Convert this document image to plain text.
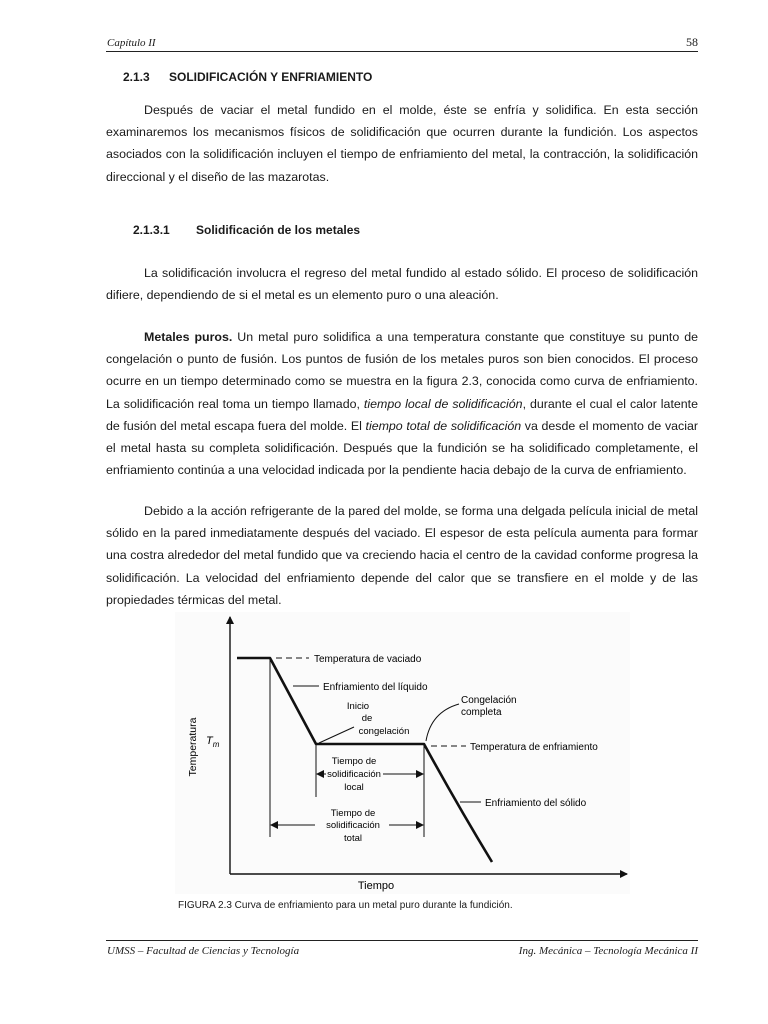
Capítulo II	58
2.1.3 SOLIDIFICACIÓN Y ENFRIAMIENTO

Después de vaciar el metal fundido en el molde, éste se enfría y solidifica. En esta sección examinaremos los mecanismos físicos de solidificación que ocurren durante la fundición. Los aspectos asociados con la solidificación incluyen el tiempo de enfriamiento del metal, la contracción, la solidificación direccional y el diseño de las mazarotas.

2.1.3.1 Solidificación de los metales

La solidificación involucra el regreso del metal fundido al estado sólido. El proceso de solidificación difiere, dependiendo de si el metal es un elemento puro o una aleación.

Metales puros. Un metal puro solidifica a una temperatura constante que constituye su punto de congelación o punto de fusión. Los puntos de fusión de los metales puros son bien conocidos. El proceso ocurre en un tiempo determinado como se muestra en la figura 2.3, conocida como curva de enfriamiento. La solidificación real toma un tiempo llamado, tiempo local de solidificación, durante el cual el calor latente de fusión del metal escapa fuera del molde. El tiempo total de solidificación va desde el momento de vaciar el metal hasta su completa solidificación. Después que la fundición se ha solidificado completamente, el enfriamiento continúa a una velocidad indicada por la pendiente hacia debajo de la curva de enfriamiento.

Debido a la acción refrigerante de la pared del molde, se forma una delgada película inicial de metal sólido en la pared inmediatamente después del vaciado. El espesor de esta película aumenta para formar una costra alrededor del metal fundido que va creciendo hacia el centro de la cavidad conforme progresa la solidificación. La velocidad del enfriamiento depende del calor que se transfiere en el molde y de las propiedades térmicas del metal.

Temperatura de vaciado
Enfriamiento del líquido
Inicio
de
congelación
Congelación
completa
Temperatura de enfriamiento
$T_m$
Temperatura
Tiempo
Tiempo de
solidificación
local
Enfriamiento del sólido
Tiempo de
solidificación
total
FIGURA 2.3 Curva de enfriamiento para un metal puro durante la fundición.
UMSS – Facultad de Ciencias y Tecnología	Ing. Mecánica – Tecnología Mecánica II
